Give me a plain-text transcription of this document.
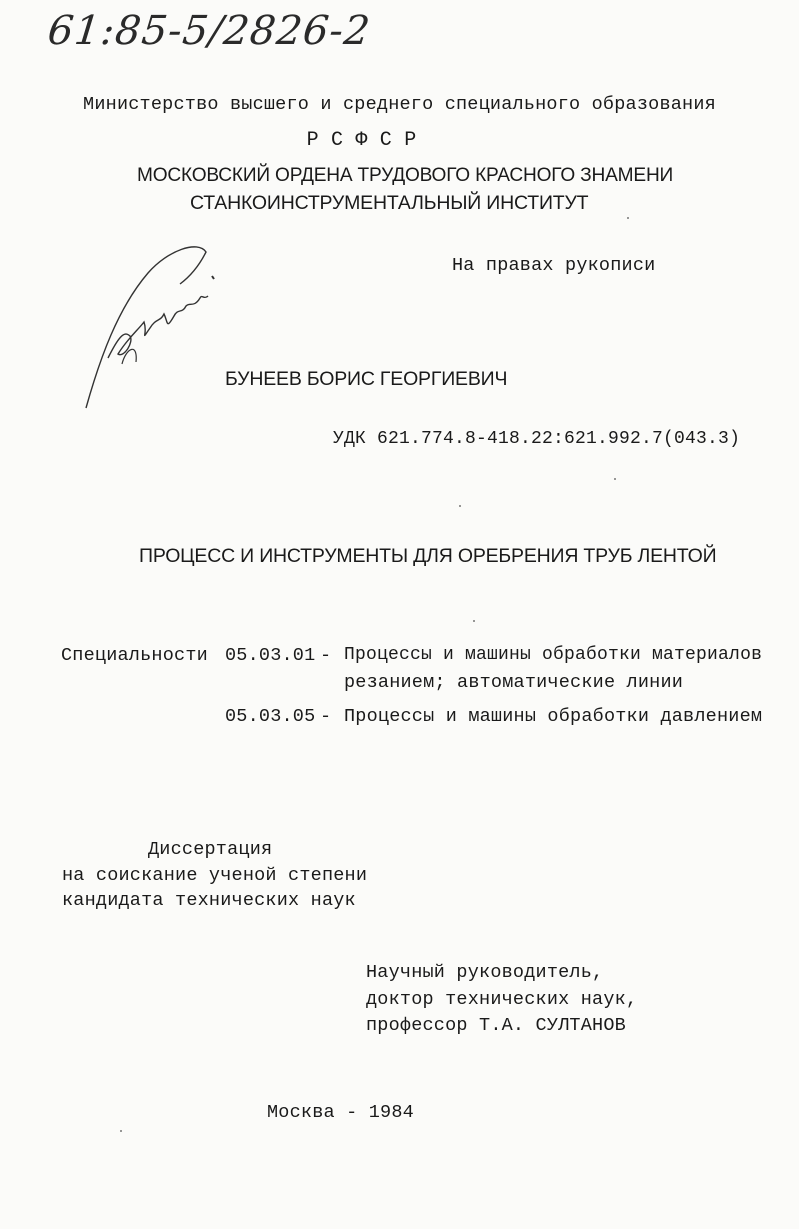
61:85-5/2826-2
Министерство высшего и среднего специального образования
Р С Ф С Р
МОСКОВСКИЙ ОРДЕНА ТРУДОВОГО КРАСНОГО ЗНАМЕНИ
СТАНКОИНСТРУМЕНТАЛЬНЫЙ ИНСТИТУТ
На правах рукописи
БУНЕЕВ БОРИС ГЕОРГИЕВИЧ
УДК 621.774.8-418.22:621.992.7(043.3)
ПРОЦЕСС И ИНСТРУМЕНТЫ ДЛЯ ОРЕБРЕНИЯ ТРУБ ЛЕНТОЙ
Специальности 05.03.01 - Процессы и машины обработки материалов
резанием; автоматические линии
05.03.05 - Процессы и машины обработки давлением
Диссертация
на соискание ученой степени
кандидата технических наук
Научный руководитель,
доктор технических наук,
профессор Т.А. СУЛТАНОВ
Москва - 1984
